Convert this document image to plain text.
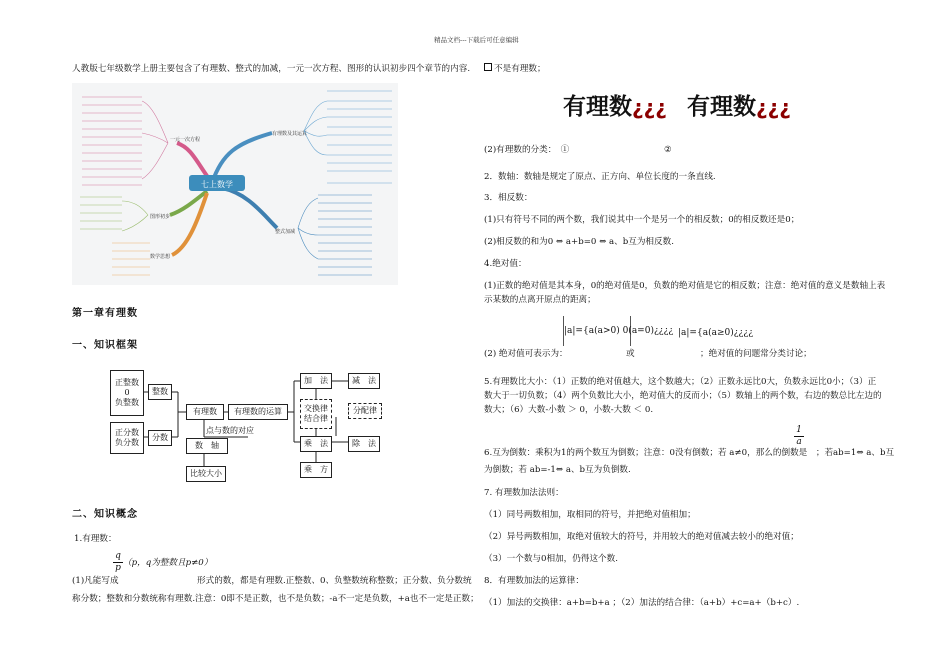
精品文档---下载后可任意编辑
人教版七年级数学上册主要包含了有理数、整式的加减，一元一次方程、图形的认识初步四个章节的内容.
七上数学
有理数及其运算
一元一次方程
整式加减
图形初步
数学思想
第一章有理数
一、知识框架
正整数
0
负整数
正分数
负分数
整数
分数
有理数	有理数的运算
点与数的对应
数　轴
比较大小
加　法	减　法
交换律
结合律
分配律
乘　法	除　法
乘　方
二、知识概念
1.有理数：
$\frac{q}{p} (p$，q为整数且p≠0）
(1)凡能写成	形式的数，都是有理数.正整数、0、负整数统称整数；正分数、负分数统
称分数；整数和分数统称有理数.注意：0即不是正数，也不是负数；-a不一定是负数，+a也不一定是正数；
不是有理数；
有理数¿¿¿ 有理数¿¿¿
(2)有理数的分类：　①	②
2．数轴：数轴是规定了原点、正方向、单位长度的一条直线.
3．相反数：
(1)只有符号不同的两个数，我们说其中一个是另一个的相反数；0的相反数还是0；
(2)相反数的和为0 ⇔ a+b=0 ⇔ a、b互为相反数.
4.绝对值：
(1)正数的绝对值是其本身，0的绝对值是0，负数的绝对值是它的相反数；注意：绝对值的意义是数轴上表
示某数的点离开原点的距离；
|a|={a(a>0) 0(a=0)¿¿¿¿ |a|={a(a≥0)¿¿¿¿
(2) 绝对值可表示为：	或	；绝对值的问题常分类讨论；
5.有理数比大小：（1）正数的绝对值越大，这个数越大；（2）正数永远比0大，负数永远比0小；（3）正
数大于一切负数；（4）两个负数比大小，绝对值大的反而小；（5）数轴上的两个数，右边的数总比左边的
数大；（6）大数-小数 ＞ 0，小数-大数 ＜ 0.
$\frac{1}{a}$
6.互为倒数：乘积为1的两个数互为倒数；注意：0没有倒数；若 a≠0，那么的倒数是　；若ab=1⇔ a、b互
为倒数；若 ab=-1⇔ a、b互为负倒数.
7. 有理数加法法则：
（1）同号两数相加，取相同的符号，并把绝对值相加；
（2）异号两数相加，取绝对值较大的符号，并用较大的绝对值减去较小的绝对值；
（3）一个数与0相加，仍得这个数.
8．有理数加法的运算律：
（1）加法的交换律：a+b=b+a ；（2）加法的结合律：（a+b）+c=a+（b+c）.
